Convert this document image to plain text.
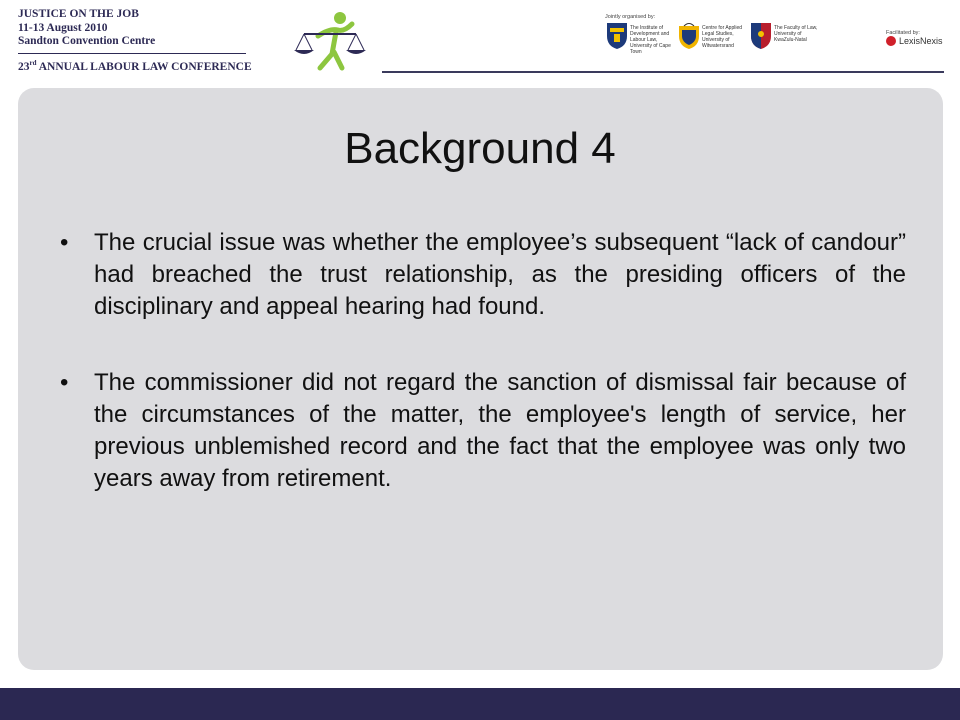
JUSTICE ON THE JOB
11-13 August 2010
Sandton Convention Centre
23rd ANNUAL LABOUR LAW CONFERENCE
Jointly organised by:
The Institute of Development and Labour Law, University of Cape Town
Centre for Applied Legal Studies, University of Witwatersrand
The Faculty of Law, University of KwaZulu-Natal
Facilitated by:
LexisNexis
Background 4
• The crucial issue was whether the employee’s subsequent “lack of candour” had breached the trust relationship, as the presiding officers of the disciplinary and appeal hearing had found.
• The commissioner did not regard the sanction of dismissal fair because of the circumstances of the matter, the employee's length of service, her previous unblemished record and the fact that the employee was only two years away from retirement.
